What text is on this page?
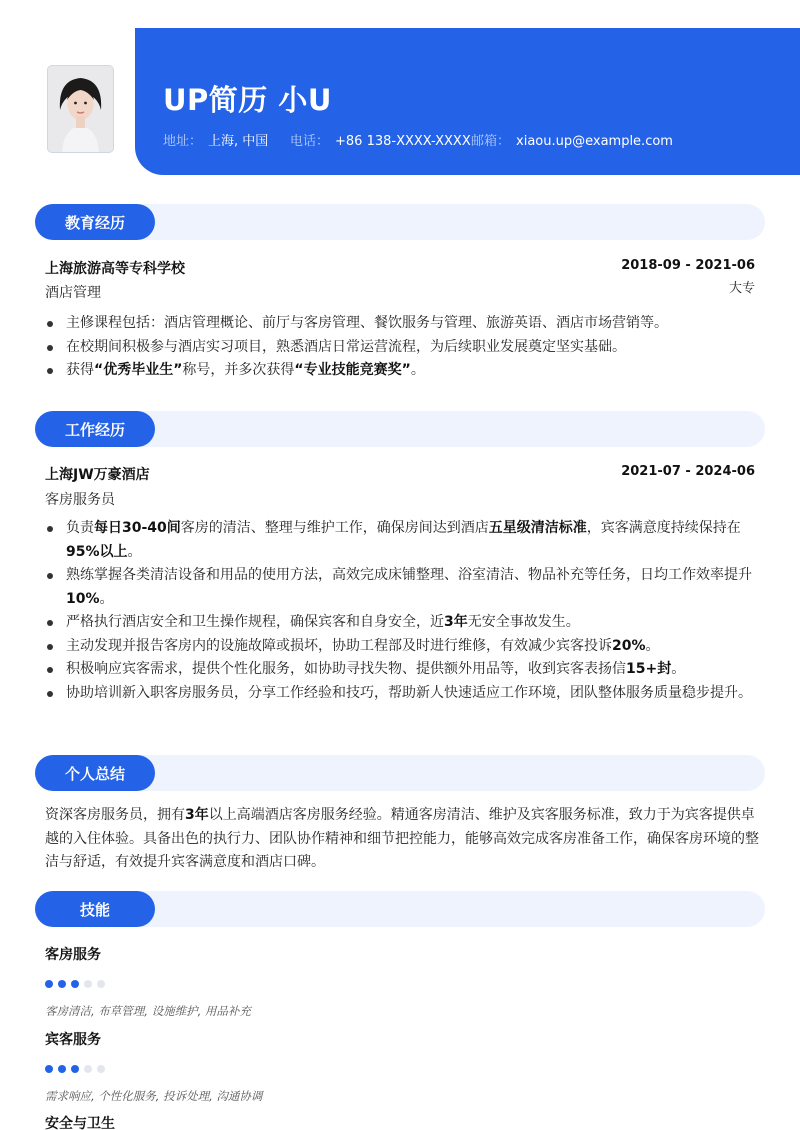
UP简历 小U
地址： 上海, 中国 电话： +86 138-XXXX-XXXX 邮箱： xiaou.up@example.com
教育经历
上海旅游高等专科学校	2018-09 - 2021-06
酒店管理	大专
主修课程包括：酒店管理概论、前厅与客房管理、餐饮服务与管理、旅游英语、酒店市场营销等。
在校期间积极参与酒店实习项目，熟悉酒店日常运营流程，为后续职业发展奠定坚实基础。
获得“优秀毕业生”称号，并多次获得“专业技能竞赛奖”。
工作经历
上海JW万豪酒店	2021-07 - 2024-06
客房服务员
负责每日30-40间客房的清洁、整理与维护工作，确保房间达到酒店五星级清洁标准，宾客满意度持续保持在95%以上。
熟练掌握各类清洁设备和用品的使用方法，高效完成床铺整理、浴室清洁、物品补充等任务，日均工作效率提升10%。
严格执行酒店安全和卫生操作规程，确保宾客和自身安全，近3年无安全事故发生。
主动发现并报告客房内的设施故障或损坏，协助工程部及时进行维修，有效减少宾客投诉20%。
积极响应宾客需求，提供个性化服务，如协助寻找失物、提供额外用品等，收到宾客表扬信15+封。
协助培训新入职客房服务员，分享工作经验和技巧，帮助新人快速适应工作环境，团队整体服务质量稳步提升。
个人总结
资深客房服务员，拥有3年以上高端酒店客房服务经验。精通客房清洁、维护及宾客服务标准，致力于为宾客提供卓越的入住体验。具备出色的执行力、团队协作精神和细节把控能力，能够高效完成客房准备工作，确保客房环境的整洁与舒适，有效提升宾客满意度和酒店口碑。
技能
客房服务
客房清洁, 布草管理, 设施维护, 用品补充
宾客服务
需求响应, 个性化服务, 投诉处理, 沟通协调
安全与卫生
